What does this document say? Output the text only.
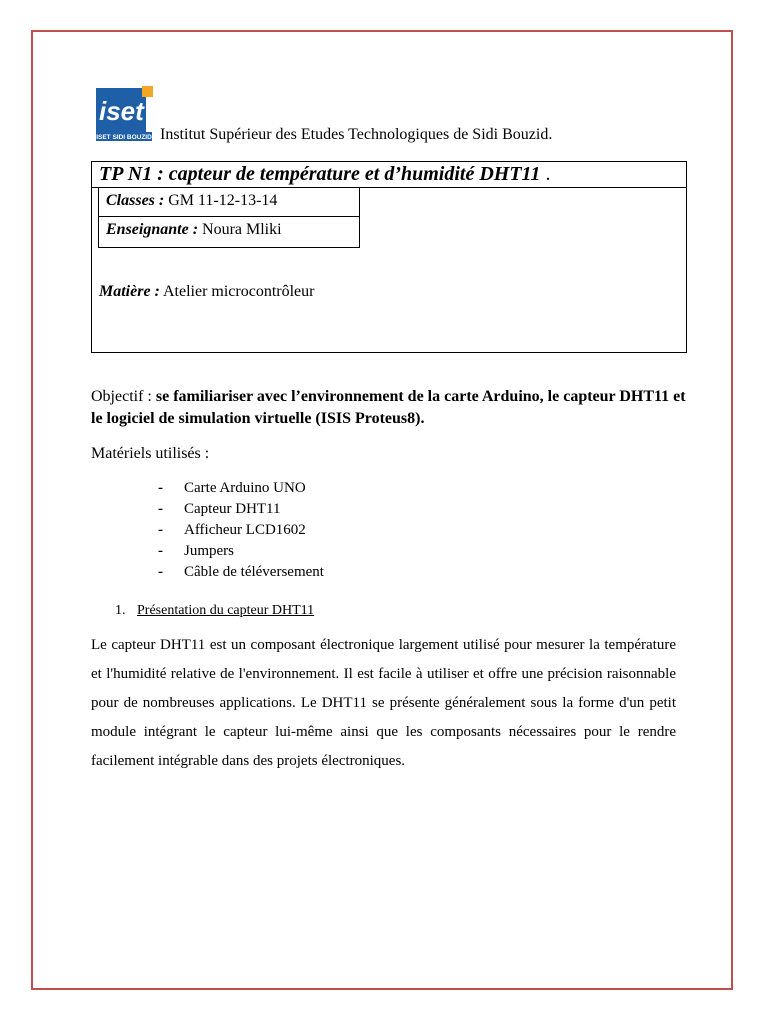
iset
ISET SIDI BOUZID Institut Supérieur des Etudes Technologiques de Sidi Bouzid.
TP N1 : capteur de température et d’humidité DHT11 .
Classes : GM 11-12-13-14
Enseignante : Noura Mliki
Matière : Atelier microcontrôleur
Objectif : se familiariser avec l’environnement de la carte Arduino, le capteur DHT11 et le logiciel de simulation virtuelle (ISIS Proteus8).
Matériels utilisés :
- Carte Arduino UNO
- Capteur DHT11
- Afficheur LCD1602
- Jumpers
- Câble de téléversement
1. Présentation du capteur DHT11
Le capteur DHT11 est un composant électronique largement utilisé pour mesurer la température et l'humidité relative de l'environnement. Il est facile à utiliser et offre une précision raisonnable pour de nombreuses applications. Le DHT11 se présente généralement sous la forme d'un petit module intégrant le capteur lui-même ainsi que les composants nécessaires pour le rendre facilement intégrable dans des projets électroniques.
